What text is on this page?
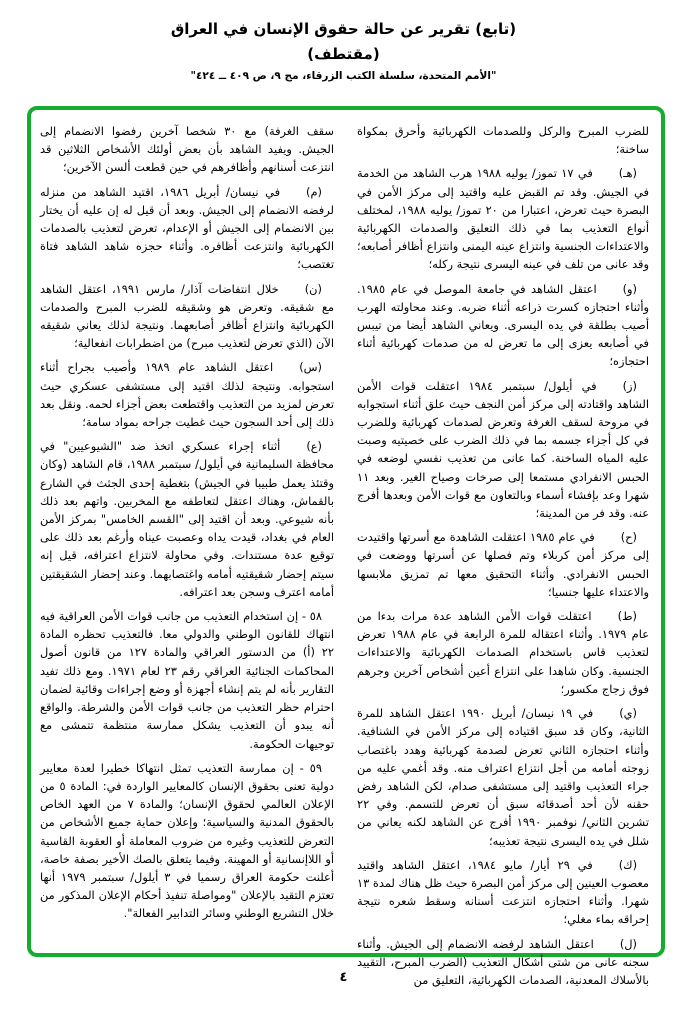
(تابع) تقرير عن حالة حقوق الإنسان في العراق
(مقتطف)
"الأمم المتحدة، سلسلة الكتب الزرقاء، مج ٩، ص ٤٠٩ ــ ٤٢٤"

للضرب المبرح والركل وللصدمات الكهربائية وأحرق بمكواة ساخنة؛

(هـ)في ١٧ تموز/ يوليه ١٩٨٨ هرب الشاهد من الخدمة في الجيش. وقد تم القبض عليه واقتيد إلى مركز الأمن في البصرة حيث تعرض، اعتبارا من ٢٠ تموز/ يوليه ١٩٨٨، لمختلف أنواع التعذيب بما في ذلك التعليق والصدمات الكهربائية والاعتداءات الجنسية وانتزاع عينه اليمنى وانتزاع أظافر أصابعه؛ وقد عانى من تلف في عينه اليسرى نتيجة ركله؛

(و)اعتقل الشاهد في جامعة الموصل في عام ١٩٨٥. وأثناء احتجازه كسرت ذراعه أثناء ضربه. وعند محاولته الهرب أصيب بطلقة في يده اليسرى. ويعاني الشاهد أيضا من تيبس في أصابعه يعزى إلى ما تعرض له من صدمات كهربائية أثناء احتجازه؛

(ز)في أيلول/ سبتمبر ١٩٨٤ اعتقلت قوات الأمن الشاهد واقتادته إلى مركز أمن النجف حيث علق أثناء استجوابه في مروحة لسقف الغرفة وتعرض لصدمات كهربائية وللضرب في كل أجزاء جسمه بما في ذلك الضرب على خصيتيه وصبت عليه المياه الساخنة. كما عانى من تعذيب نفسي لوضعه في الحبس الانفرادي مستمعا إلى صرخات وصياح الغير. وبعد ١١ شهرا وعد بإفشاء أسماء وبالتعاون مع قوات الأمن وبعدها أفرج عنه. وقد فر من المدينة؛

(ح)في عام ١٩٨٥ اعتقلت الشاهدة مع أسرتها واقتيدت إلى مركز أمن كربلاء وتم فصلها عن أسرتها ووضعت في الحبس الانفرادي. وأثناء التحقيق معها تم تمزيق ملابسها والاعتداء عليها جنسيا؛

(ط)اعتقلت قوات الأمن الشاهد عدة مرات بدءا من عام ١٩٧٩. وأثناء اعتقاله للمرة الرابعة في عام ١٩٨٨ تعرض لتعذيب قاس باستخدام الصدمات الكهربائية والاعتداءات الجنسية. وكان شاهدا على انتزاع أعين أشخاص آخرين وجرهم فوق زجاج مكسور؛

(ي)في ١٩ نيسان/ أبريل ١٩٩٠ اعتقل الشاهد للمرة الثانية، وكان قد سبق اقتياده إلى مركز الأمن في الشنافية. وأثناء احتجازه الثاني تعرض لصدمة كهربائية وهدد باغتصاب زوجته أمامه من أجل انتزاع اعتراف منه. وقد أغمي عليه من جراء التعذيب واقتيد إلى مستشفى صدام، لكن الشاهد رفض حقنه لأن أحد أصدقائه سبق أن تعرض للتسمم. وفي ٢٢ تشرين الثاني/ نوفمبر ١٩٩٠ أفرج عن الشاهد لكنه يعاني من شلل في يده اليسرى نتيجة تعذيبه؛

(ك)في ٢٩ أيار/ مايو ١٩٨٤، اعتقل الشاهد واقتيد معصوب العينين إلى مركز أمن البصرة حيث ظل هناك لمدة ١٣ شهرا. وأثناء احتجازه انتزعت أسنانه وسقط شعره نتيجة إحراقه بماء مغلي؛

(ل)اعتقل الشاهد لرفضه الانضمام إلى الجيش. وأثناء سجنه عانى من شتى أشكال التعذيب (الضرب المبرح، التقييد بالأسلاك المعدنية، الصدمات الكهربائية، التعليق من

سقف الغرفة) مع ٣٠ شخصا آخرين رفضوا الانضمام إلى الجيش. ويفيد الشاهد بأن بعض أولئك الأشخاص الثلاثين قد انتزعت أسنانهم وأظافرهم في حين قطعت ألسن الآخرين؛

(م)في نيسان/ أبريل ١٩٨٦، اقتيد الشاهد من منزله لرفضه الانضمام إلى الجيش. وبعد أن قيل له إن عليه أن يختار بين الانضمام إلى الجيش أو الإعدام، تعرض لتعذيب بالصدمات الكهربائية وانتزعت أظافره. وأثناء حجزه شاهد الشاهد فتاة تغتصب؛

(ن)خلال انتفاضات آذار/ مارس ١٩٩١، اعتقل الشاهد مع شقيقه. وتعرض هو وشقيقه للضرب المبرح والصدمات الكهربائية وانتزاع أظافر أصابعهما. ونتيجة لذلك يعاني شقيقه الآن (الذي تعرض لتعذيب مبرح) من اضطرابات انفعالية؛

(س)اعتقل الشاهد عام ١٩٨٩ وأصيب بجراح أثناء استجوابه. ونتيجة لذلك اقتيد إلى مستشفى عسكري حيث تعرض لمزيد من التعذيب واقتطعت بعض أجزاء لحمه. ونقل بعد ذلك إلى أحد السجون حيث غطيت جراحه بمواد سامة؛

(ع)أثناء إجراء عسكري اتخذ ضد "الشيوعيين" في محافظة السليمانية في أيلول/ سبتمبر ١٩٨٨، قام الشاهد (وكان وقتئذ يعمل طبيبا في الجيش) بتغطية إحدى الجثث في الشارع بالقماش، وهناك اعتقل لتعاطفه مع المخربين. واتهم بعد ذلك بأنه شيوعي. وبعد أن اقتيد إلى "القسم الخامس" بمركز الأمن العام في بغداد، قيدت يداه وعصبت عيناه وأرغم بعد ذلك على توقيع عدة مستندات. وفي محاولة لانتزاع اعترافه، قيل إنه سيتم إحضار شقيقتيه أمامه واغتصابهما. وعند إحضار الشقيقتين أمامه اعترف وسجن بعد اعترافه.

٥٨ - إن استخدام التعذيب من جانب قوات الأمن العراقية فيه انتهاك للقانون الوطني والدولي معا. فالتعذيب تحظره المادة ٢٢ (أ) من الدستور العراقي والمادة ١٢٧ من قانون أصول المحاكمات الجنائية العراقي رقم ٢٣ لعام ١٩٧١. ومع ذلك تفيد التقارير بأنه لم يتم إنشاء أجهزة أو وضع إجراءات وقائية لضمان احترام حظر التعذيب من جانب قوات الأمن والشرطة. والواقع أنه يبدو أن التعذيب يشكل ممارسة منتظمة تتمشى مع توجيهات الحكومة.

٥٩ - إن ممارسة التعذيب تمثل انتهاكا خطيرا لعدة معايير دولية تعنى بحقوق الإنسان كالمعايير الواردة في: المادة ٥ من الإعلان العالمي لحقوق الإنسان؛ والمادة ٧ من العهد الخاص بالحقوق المدنية والسياسية؛ وإعلان حماية جميع الأشخاص من التعرض للتعذيب وغيره من ضروب المعاملة أو العقوبة القاسية أو اللاإنسانية أو المهينة. وفيما يتعلق بالصك الأخير بصفة خاصة، أعلنت حكومة العراق رسميا في ٣ أيلول/ سبتمبر ١٩٧٩ أنها تعتزم التقيد بالإعلان "ومواصلة تنفيذ أحكام الإعلان المذكور من خلال التشريع الوطني وسائر التدابير الفعالة".

٤
